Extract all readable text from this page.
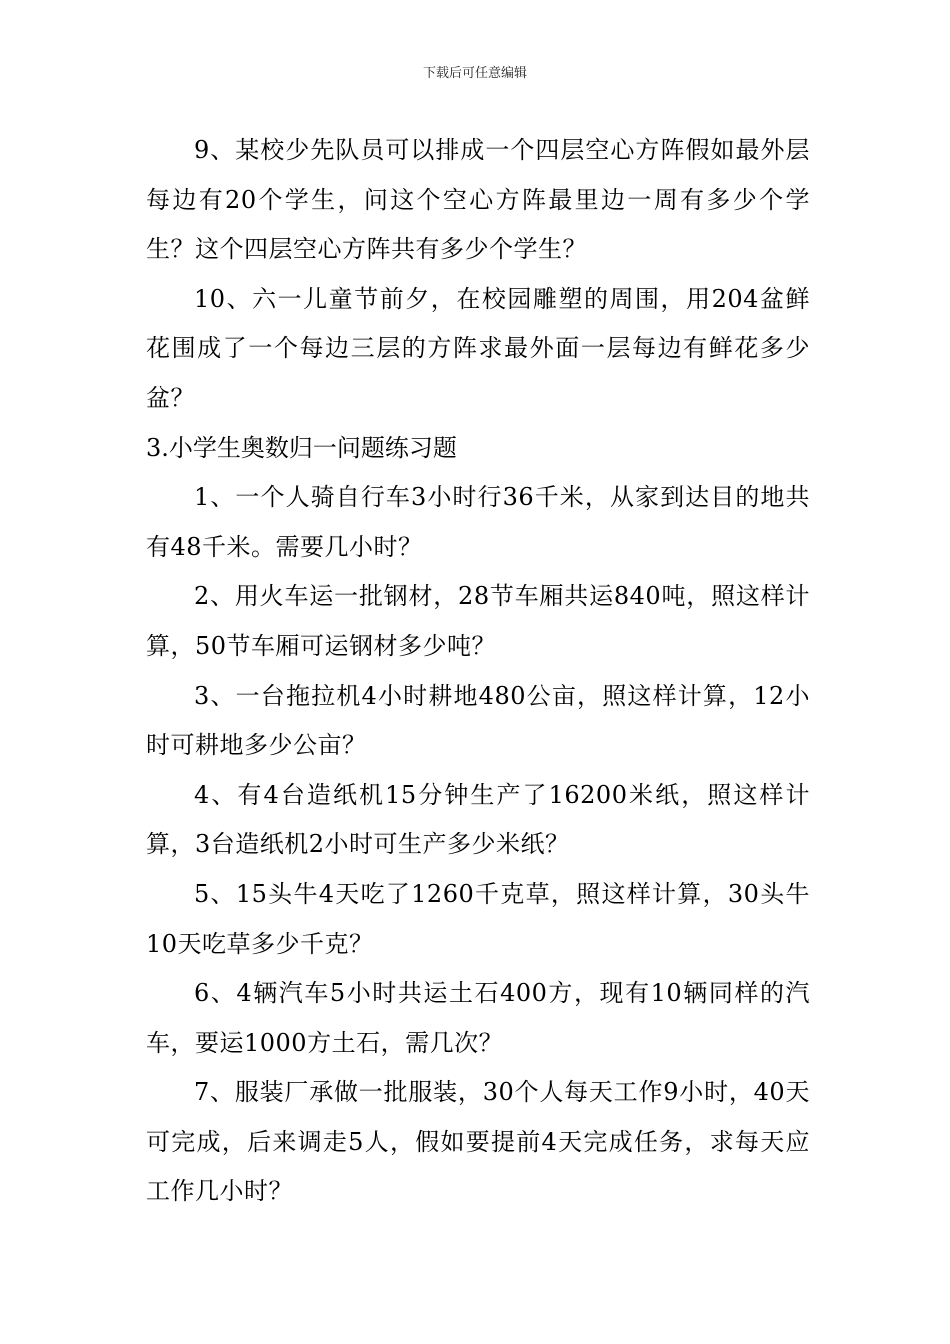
下载后可任意编辑

9、某校少先队员可以排成一个四层空心方阵假如最外层每边有20个学生，问这个空心方阵最里边一周有多少个学生？这个四层空心方阵共有多少个学生？

10、六一儿童节前夕，在校园雕塑的周围，用204盆鲜花围成了一个每边三层的方阵求最外面一层每边有鲜花多少盆？

3.小学生奥数归一问题练习题

1、一个人骑自行车3小时行36千米，从家到达目的地共有48千米。需要几小时？

2、用火车运一批钢材，28节车厢共运840吨，照这样计算，50节车厢可运钢材多少吨？

3、一台拖拉机4小时耕地480公亩，照这样计算，12小时可耕地多少公亩？

4、有4台造纸机15分钟生产了16200米纸，照这样计算，3台造纸机2小时可生产多少米纸？

5、15头牛4天吃了1260千克草，照这样计算，30头牛10天吃草多少千克？

6、4辆汽车5小时共运土石400方，现有10辆同样的汽车，要运1000方土石，需几次？

7、服装厂承做一批服装，30个人每天工作9小时，40天可完成，后来调走5人，假如要提前4天完成任务，求每天应工作几小时？
